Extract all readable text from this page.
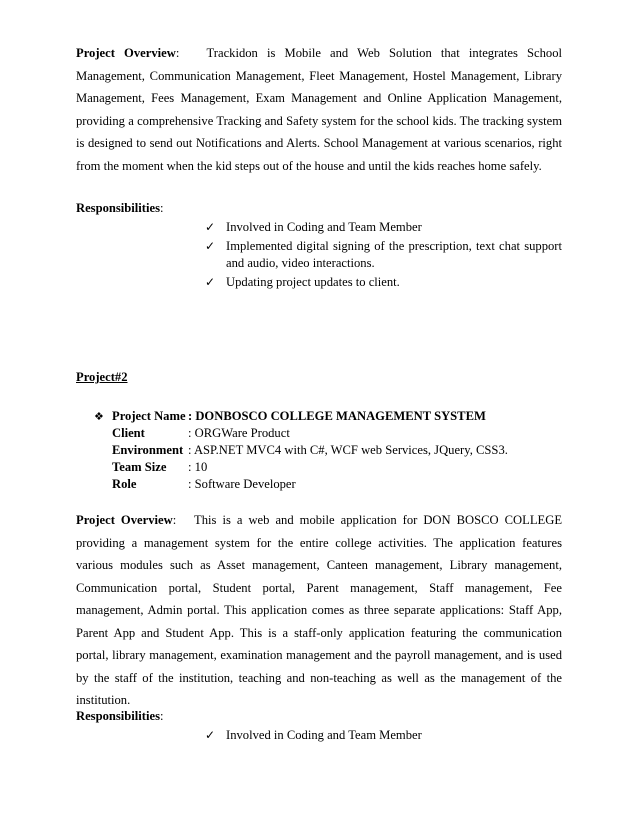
Project Overview:   Trackidon is Mobile and Web Solution that integrates School Management, Communication Management, Fleet Management, Hostel Management, Library Management, Fees Management, Exam Management and Online Application Management, providing a comprehensive Tracking and Safety system for the school kids. The tracking system is designed to send out Notifications and Alerts. School Management at various scenarios, right from the moment when the kid steps out of the house and until the kids reaches home safely.

Responsibilities:

✓ Involved in Coding and Team Member
✓ Implemented digital signing of the prescription, text chat support and audio, video interactions.
✓ Updating project updates to client.

Project#2

❖ Project Name : DONBOSCO COLLEGE MANAGEMENT SYSTEM
Client	: ORGWare Product
Environment : ASP.NET MVC4 with C#, WCF web Services, JQuery, CSS3.
Team Size : 10
Role	: Software Developer

Project Overview:   This is a web and mobile application for DON BOSCO COLLEGE providing a management system for the entire college activities. The application features various modules such as Asset management, Canteen management, Library management, Communication portal, Student portal, Parent management, Staff management, Fee management, Admin portal. This application comes as three separate applications: Staff App, Parent App and Student App. This is a staff-only application featuring the communication portal, library management, examination management and the payroll management, and is used by the staff of the institution, teaching and non-teaching as well as the management of the institution.

Responsibilities:

✓ Involved in Coding and Team Member
